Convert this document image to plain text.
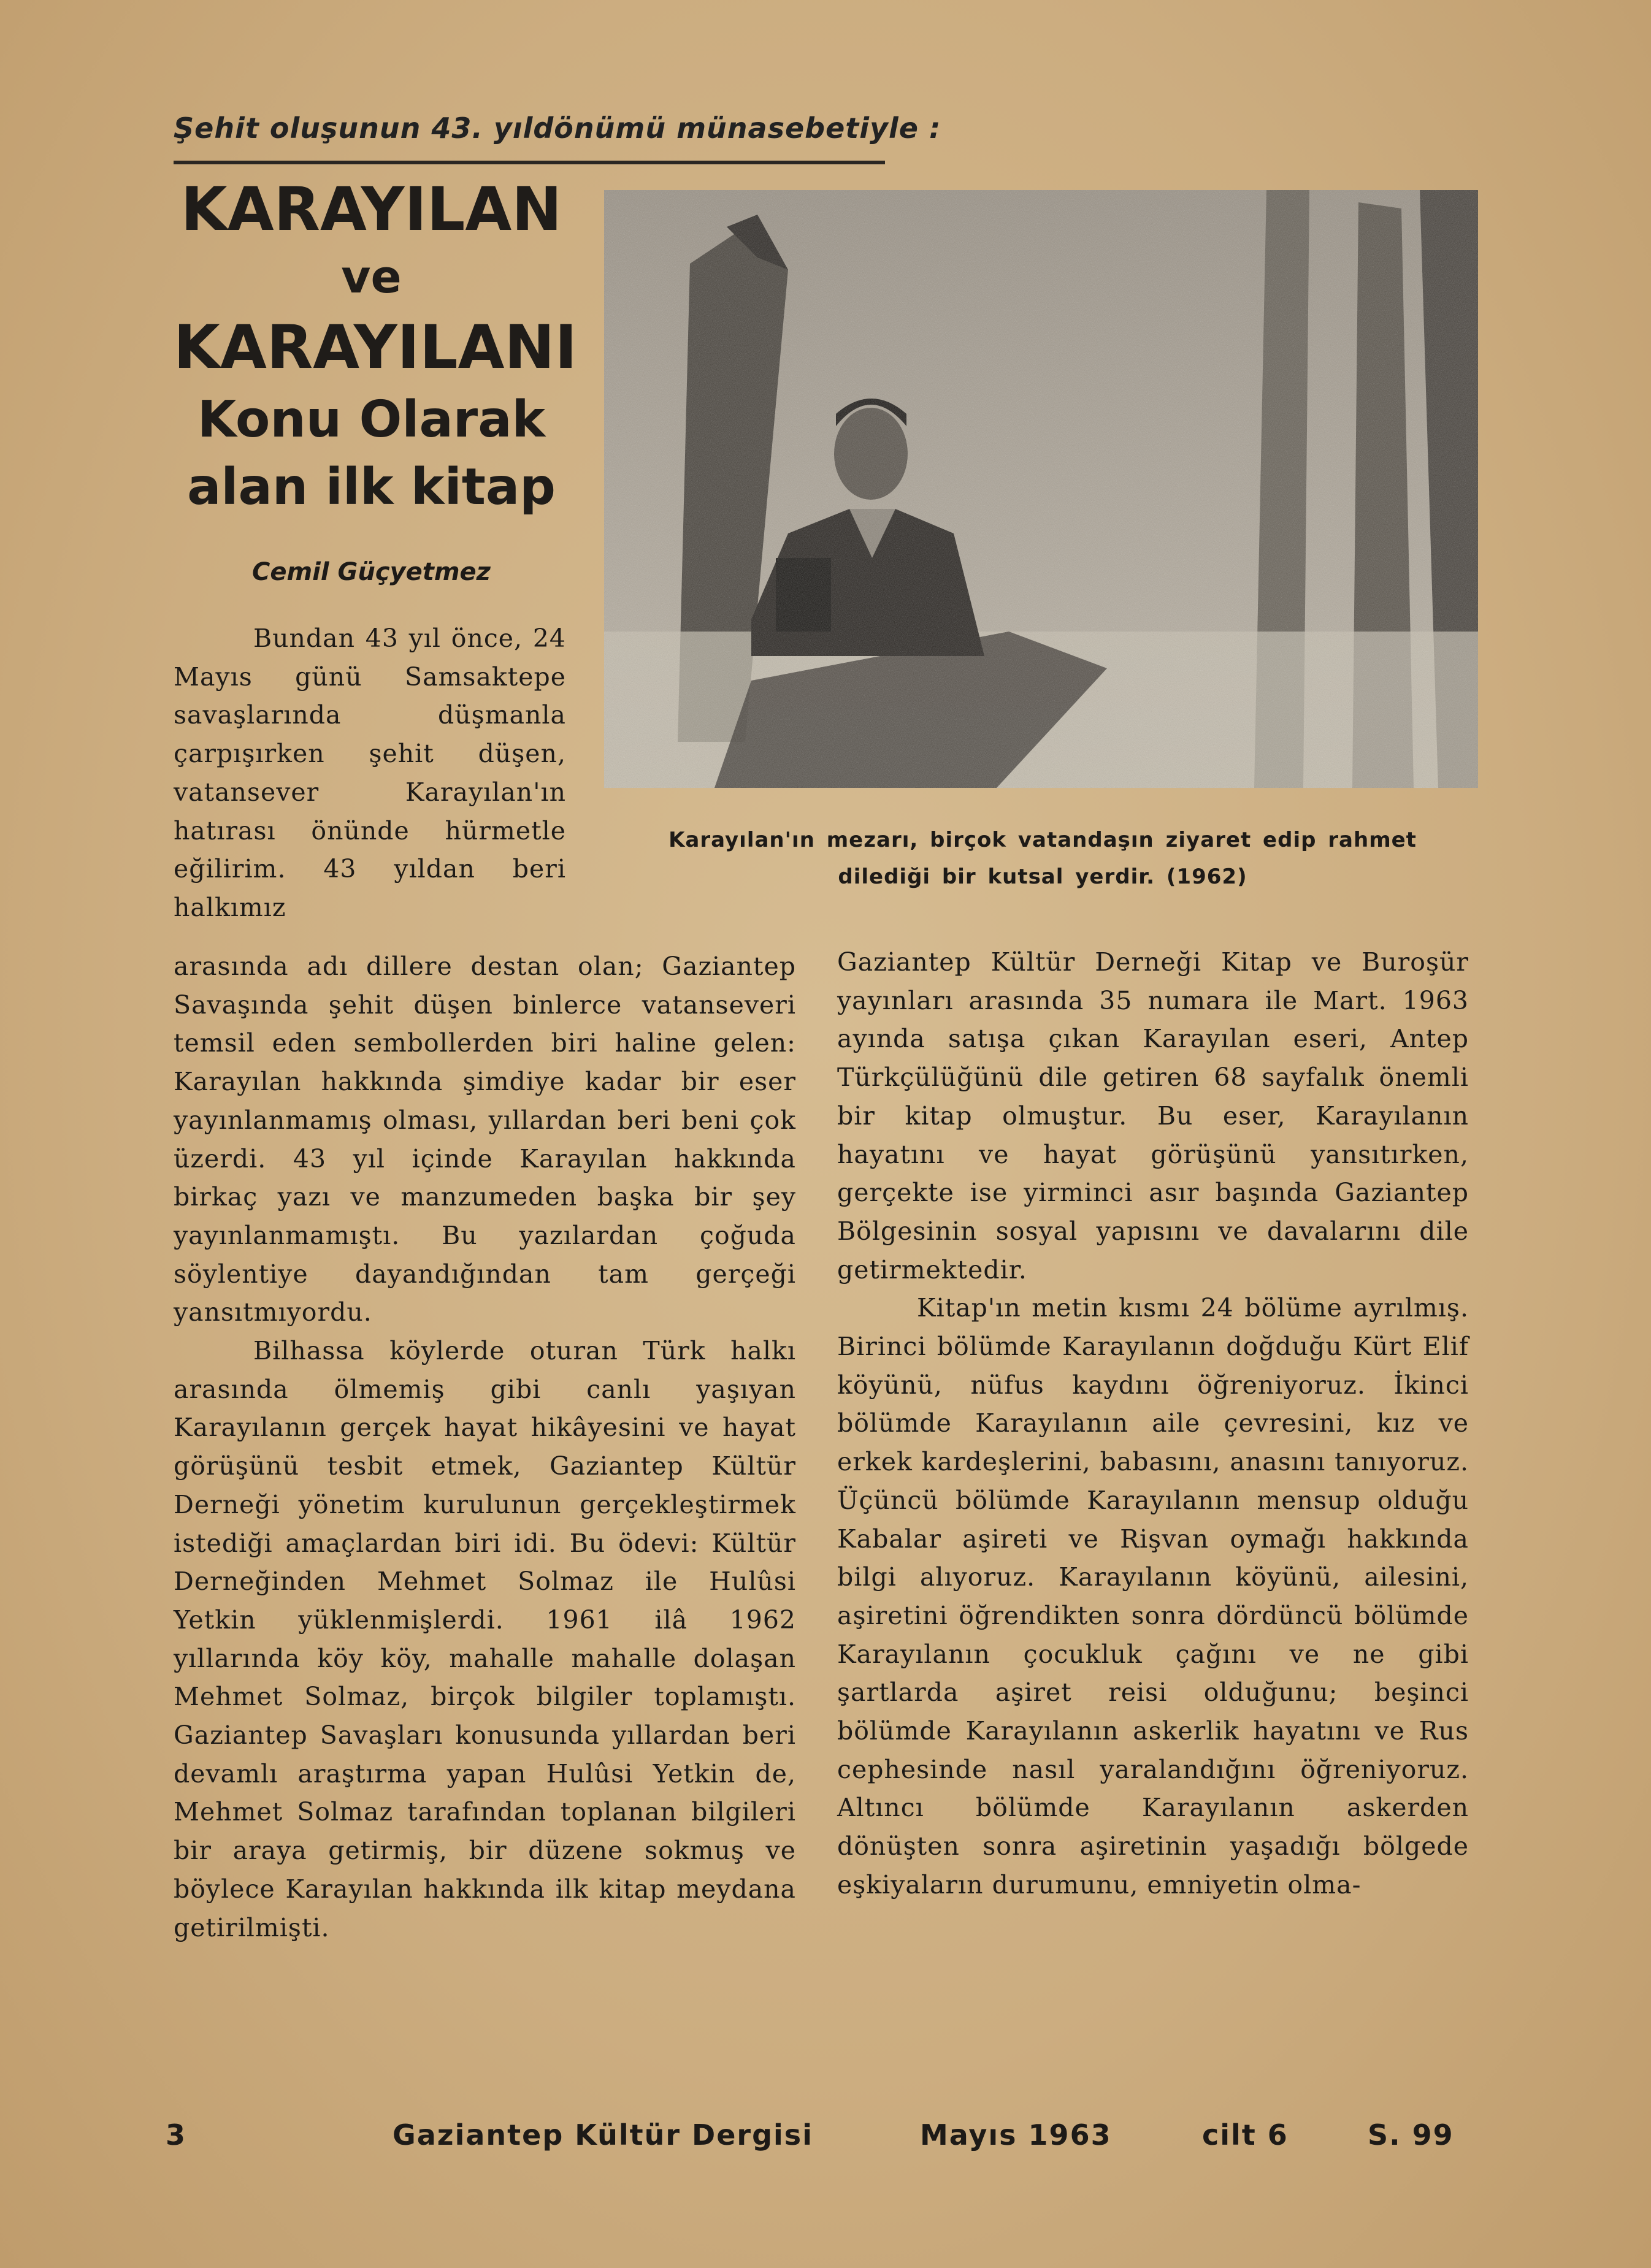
Şehit oluşunun 43. yıldönümü münasebetiyle :
KARAYILAN
ve
KARAYILANI
Konu Olarak
alan ilk kitap
Cemil Güçyetmez
Karayılan'ın mezarı, birçok vatandaşın ziyaret edip rahmet
dilediği bir kutsal yerdir. (1962)

Bundan 43 yıl önce, 24 Mayıs günü Samsaktepe savaşlarında düşmanla çarpışırken şehit düşen, vatansever Karayılan'ın hatırası önünde hürmetle eğilirim. 43 yıldan beri halkımız

arasında adı dillere destan olan; Gaziantep Savaşında şehit düşen binlerce vatanseveri temsil eden sembollerden biri haline gelen: Karayılan hakkında şimdiye kadar bir eser yayınlanmamış olması, yıllardan beri beni çok üzerdi. 43 yıl içinde Karayılan hakkında birkaç yazı ve manzumeden başka bir şey yayınlanmamıştı. Bu yazılardan çoğuda söylentiye dayandığından tam gerçeği yansıtmıyordu.

Bilhassa köylerde oturan Türk halkı arasında ölmemiş gibi canlı yaşıyan Karayılanın gerçek hayat hikâyesini ve hayat görüşünü tesbit etmek, Gaziantep Kültür Derneği yönetim kurulunun gerçekleştirmek istediği amaçlardan biri idi. Bu ödevi: Kültür Derneğinden Mehmet Solmaz ile Hulûsi Yetkin yüklenmişlerdi. 1961 ilâ 1962 yıllarında köy köy, mahalle mahalle dolaşan Mehmet Solmaz, birçok bilgiler toplamıştı. Gaziantep Savaşları konusunda yıllardan beri devamlı araştırma yapan Hulûsi Yetkin de, Mehmet Solmaz tarafından toplanan bilgileri bir araya getirmiş, bir düzene sokmuş ve böylece Karayılan hakkında ilk kitap meydana getirilmişti.

Gaziantep Kültür Derneği Kitap ve Buroşür yayınları arasında 35 numara ile Mart. 1963 ayında satışa çıkan Karayılan eseri, Antep Türkçülüğünü dile getiren 68 sayfalık önemli bir kitap olmuştur. Bu eser, Karayılanın hayatını ve hayat görüşünü yansıtırken, gerçekte ise yirminci asır başında Gaziantep Bölgesinin sosyal yapısını ve davalarını dile getirmektedir.

Kitap'ın metin kısmı 24 bölüme ayrılmış. Birinci bölümde Karayılanın doğduğu Kürt Elif köyünü, nüfus kaydını öğreniyoruz. İkinci bölümde Karayılanın aile çevresini, kız ve erkek kardeşlerini, babasını, anasını tanıyoruz. Üçüncü bölümde Karayılanın mensup olduğu Kabalar aşireti ve Rişvan oymağı hakkında bilgi alıyoruz. Karayılanın köyünü, ailesini, aşiretini öğrendikten sonra dördüncü bölümde Karayılanın çocukluk çağını ve ne gibi şartlarda aşiret reisi olduğunu; beşinci bölümde Karayılanın askerlik hayatını ve Rus cephesinde nasıl yaralandığını öğreniyoruz. Altıncı bölümde Karayılanın askerden dönüşten sonra aşiretinin yaşadığı bölgede eşkiyaların durumunu, emniyetin olma-

3	Gaziantep Kültür Dergisi	Mayıs 1963	cilt 6	S. 99
